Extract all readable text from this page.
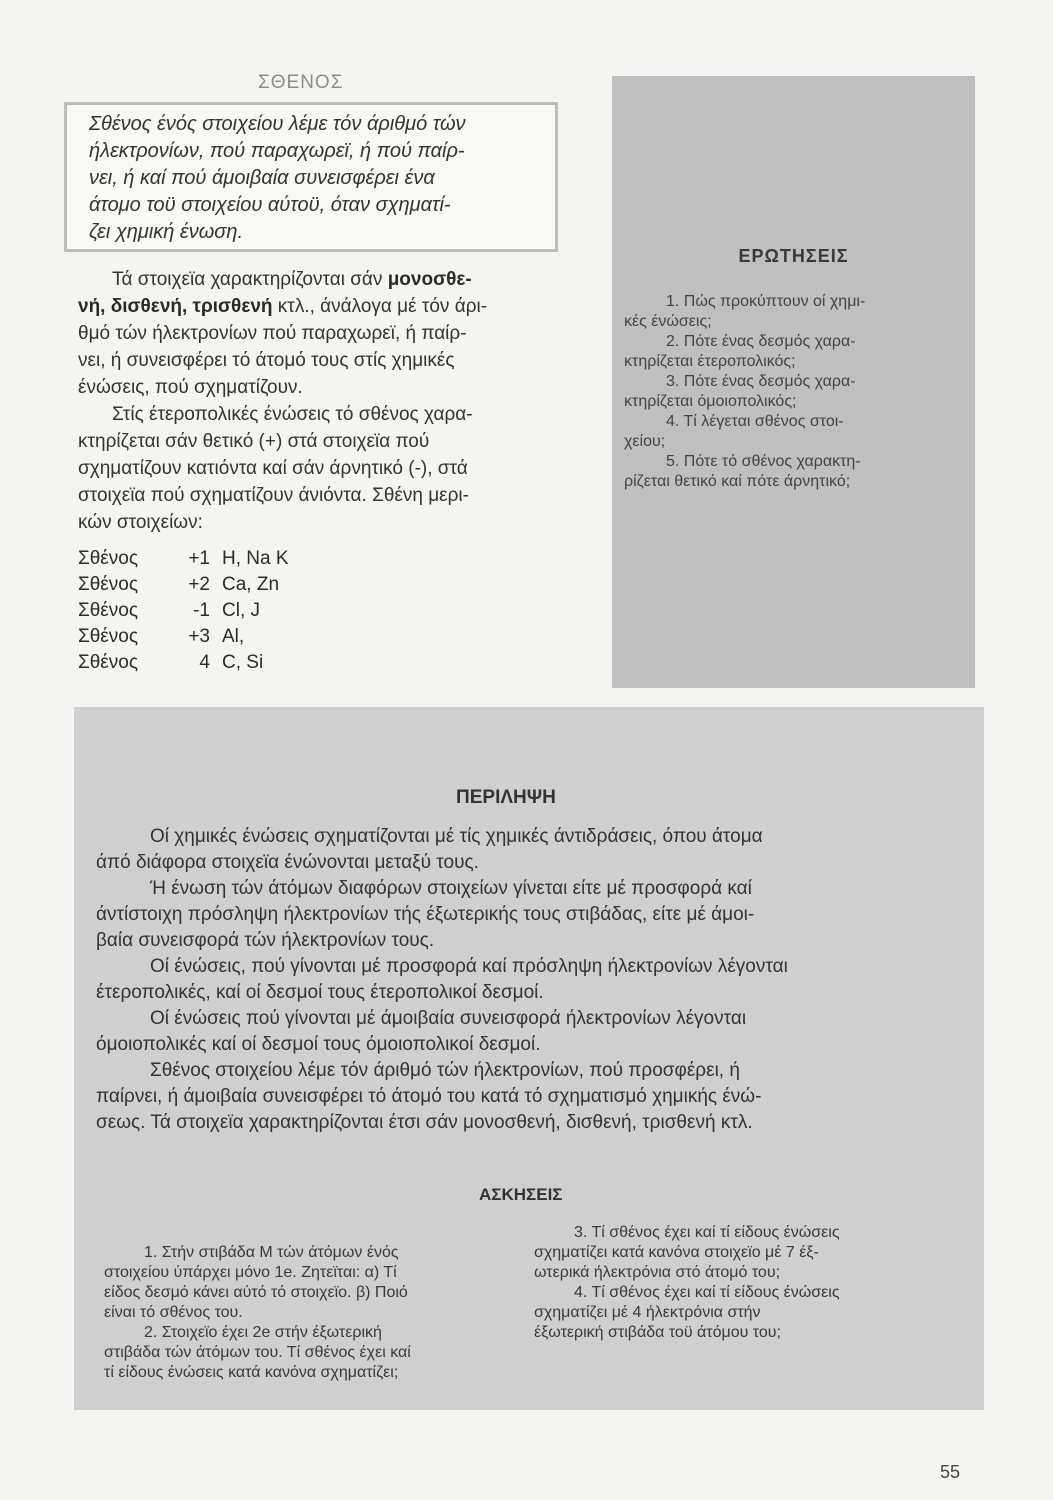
ΣΘΕΝΟΣ
Σθένος ένός στοιχείου λέμε τόν άριθμό τών
ήλεκτρονίων, πού παραχωρεϊ, ή πού παίρ-
νει, ή καί πού άμοιβαία συνεισφέρει ένα
άτομο τοϋ στοιχείου αύτοϋ, όταν σχηματί-
ζει χημική ένωση.

Τά στοιχεϊα χαρακτηρίζονται σάν μονοσθε-

νή, δισθενή, τρισθενή κτλ., άνάλογα μέ τόν άρι-

θμό τών ήλεκτρονίων πού παραχωρεϊ, ή παίρ-

νει, ή συνεισφέρει τό άτομό τους στίς χημικές

ένώσεις, πού σχηματίζουν.

Στίς έτεροπολικές ένώσεις τό σθένος χαρα-

κτηρίζεται σάν θετικό (+) στά στοιχεϊα πού

σχηματίζουν κατιόντα καί σάν άρνητικό (-), στά

στοιχεϊα πού σχηματίζουν άνιόντα. Σθένη μερι-

κών στοιχείων:

Σθένος	+1 H, Na K
Σθένος	+2 Ca, Zn
Σθένος	-1 Cl, J
Σθένος	+3 Al,
Σθένος	4 C, Si
ΕΡΩΤΗΣΕΙΣ

1. Πώς προκύπτουν οί χημι-

κές ένώσεις;

2. Πότε ένας δεσμός χαρα-

κτηρίζεται έτεροπολικός;

3. Πότε ένας δεσμός χαρα-

κτηρίζεται όμοιοπολικός;

4. Τί λέγεται σθένος στοι-

χείου;

5. Πότε τό σθένος χαρακτη-

ρίζεται θετικό καί πότε άρνητικό;

ΠΕΡΙΛΗΨΗ

Οί χημικές ένώσεις σχηματίζονται μέ τίς χημικές άντιδράσεις, όπου άτομα

άπό διάφορα στοιχεϊα ένώνονται μεταξύ τους.

Ή ένωση τών άτόμων διαφόρων στοιχείων γίνεται είτε μέ προσφορά καί

άντίστοιχη πρόσληψη ήλεκτρονίων τής έξωτερικής τους στιβάδας, είτε μέ άμοι-

βαία συνεισφορά τών ήλεκτρονίων τους.

Οί ένώσεις, πού γίνονται μέ προσφορά καί πρόσληψη ήλεκτρονίων λέγονται

έτεροπολικές, καί οί δεσμοί τους έτεροπολικοί δεσμοί.

Οί ένώσεις πού γίνονται μέ άμοιβαία συνεισφορά ήλεκτρονίων λέγονται

όμοιοπολικές καί οί δεσμοί τους όμοιοπολικοί δεσμοί.

Σθένος στοιχείου λέμε τόν άριθμό τών ήλεκτρονίων, πού προσφέρει, ή

παίρνει, ή άμοιβαία συνεισφέρει τό άτομό του κατά τό σχηματισμό χημικής ένώ-

σεως. Τά στοιχεϊα χαρακτηρίζονται έτσι σάν μονοσθενή, δισθενή, τρισθενή κτλ.

ΑΣΚΗΣΕΙΣ

1. Στήν στιβάδα Μ τών άτόμων ένός

στοιχείου ύπάρχει μόνο 1e. Ζητεϊται: α) Τί

είδος δεσμό κάνει αύτό τό στοιχεϊο. β) Ποιό

είναι τό σθένος του.

2. Στοιχεϊο έχει 2e στήν έξωτερική

στιβάδα τών άτόμων του. Τί σθένος έχει καί

τί είδους ένώσεις κατά κανόνα σχηματίζει;

3. Τί σθένος έχει καί τί είδους ένώσεις

σχηματίζει κατά κανόνα στοιχεϊο μέ 7 έξ-

ωτερικά ήλεκτρόνια στό άτομό του;

4. Τί σθένος έχει καί τί είδους ένώσεις

σχηματίζει μέ 4 ήλεκτρόνια στήν

έξωτερική στιβάδα τοϋ άτόμου του;

55
